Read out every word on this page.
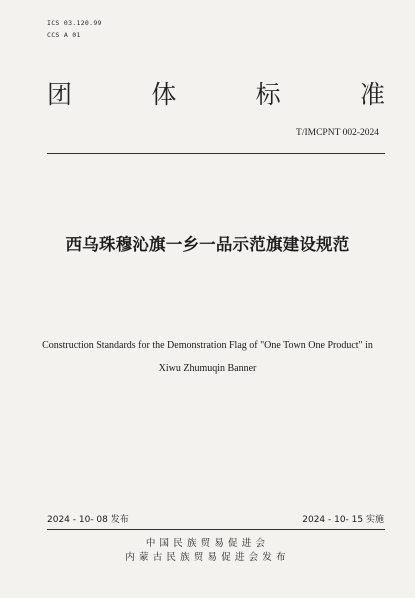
ICS 03.120.99
CCS A 01
团	体	标	准
T/IMCPNT 002-2024
西乌珠穆沁旗一乡一品示范旗建设规范
Construction Standards for the Demonstration Flag of "One Town One Product" in
Xiwu Zhumuqin Banner
2024 - 10- 08 发布	2024 - 10- 15 实施
中国民族贸易促进会
内蒙古民族贸易促进会发布
